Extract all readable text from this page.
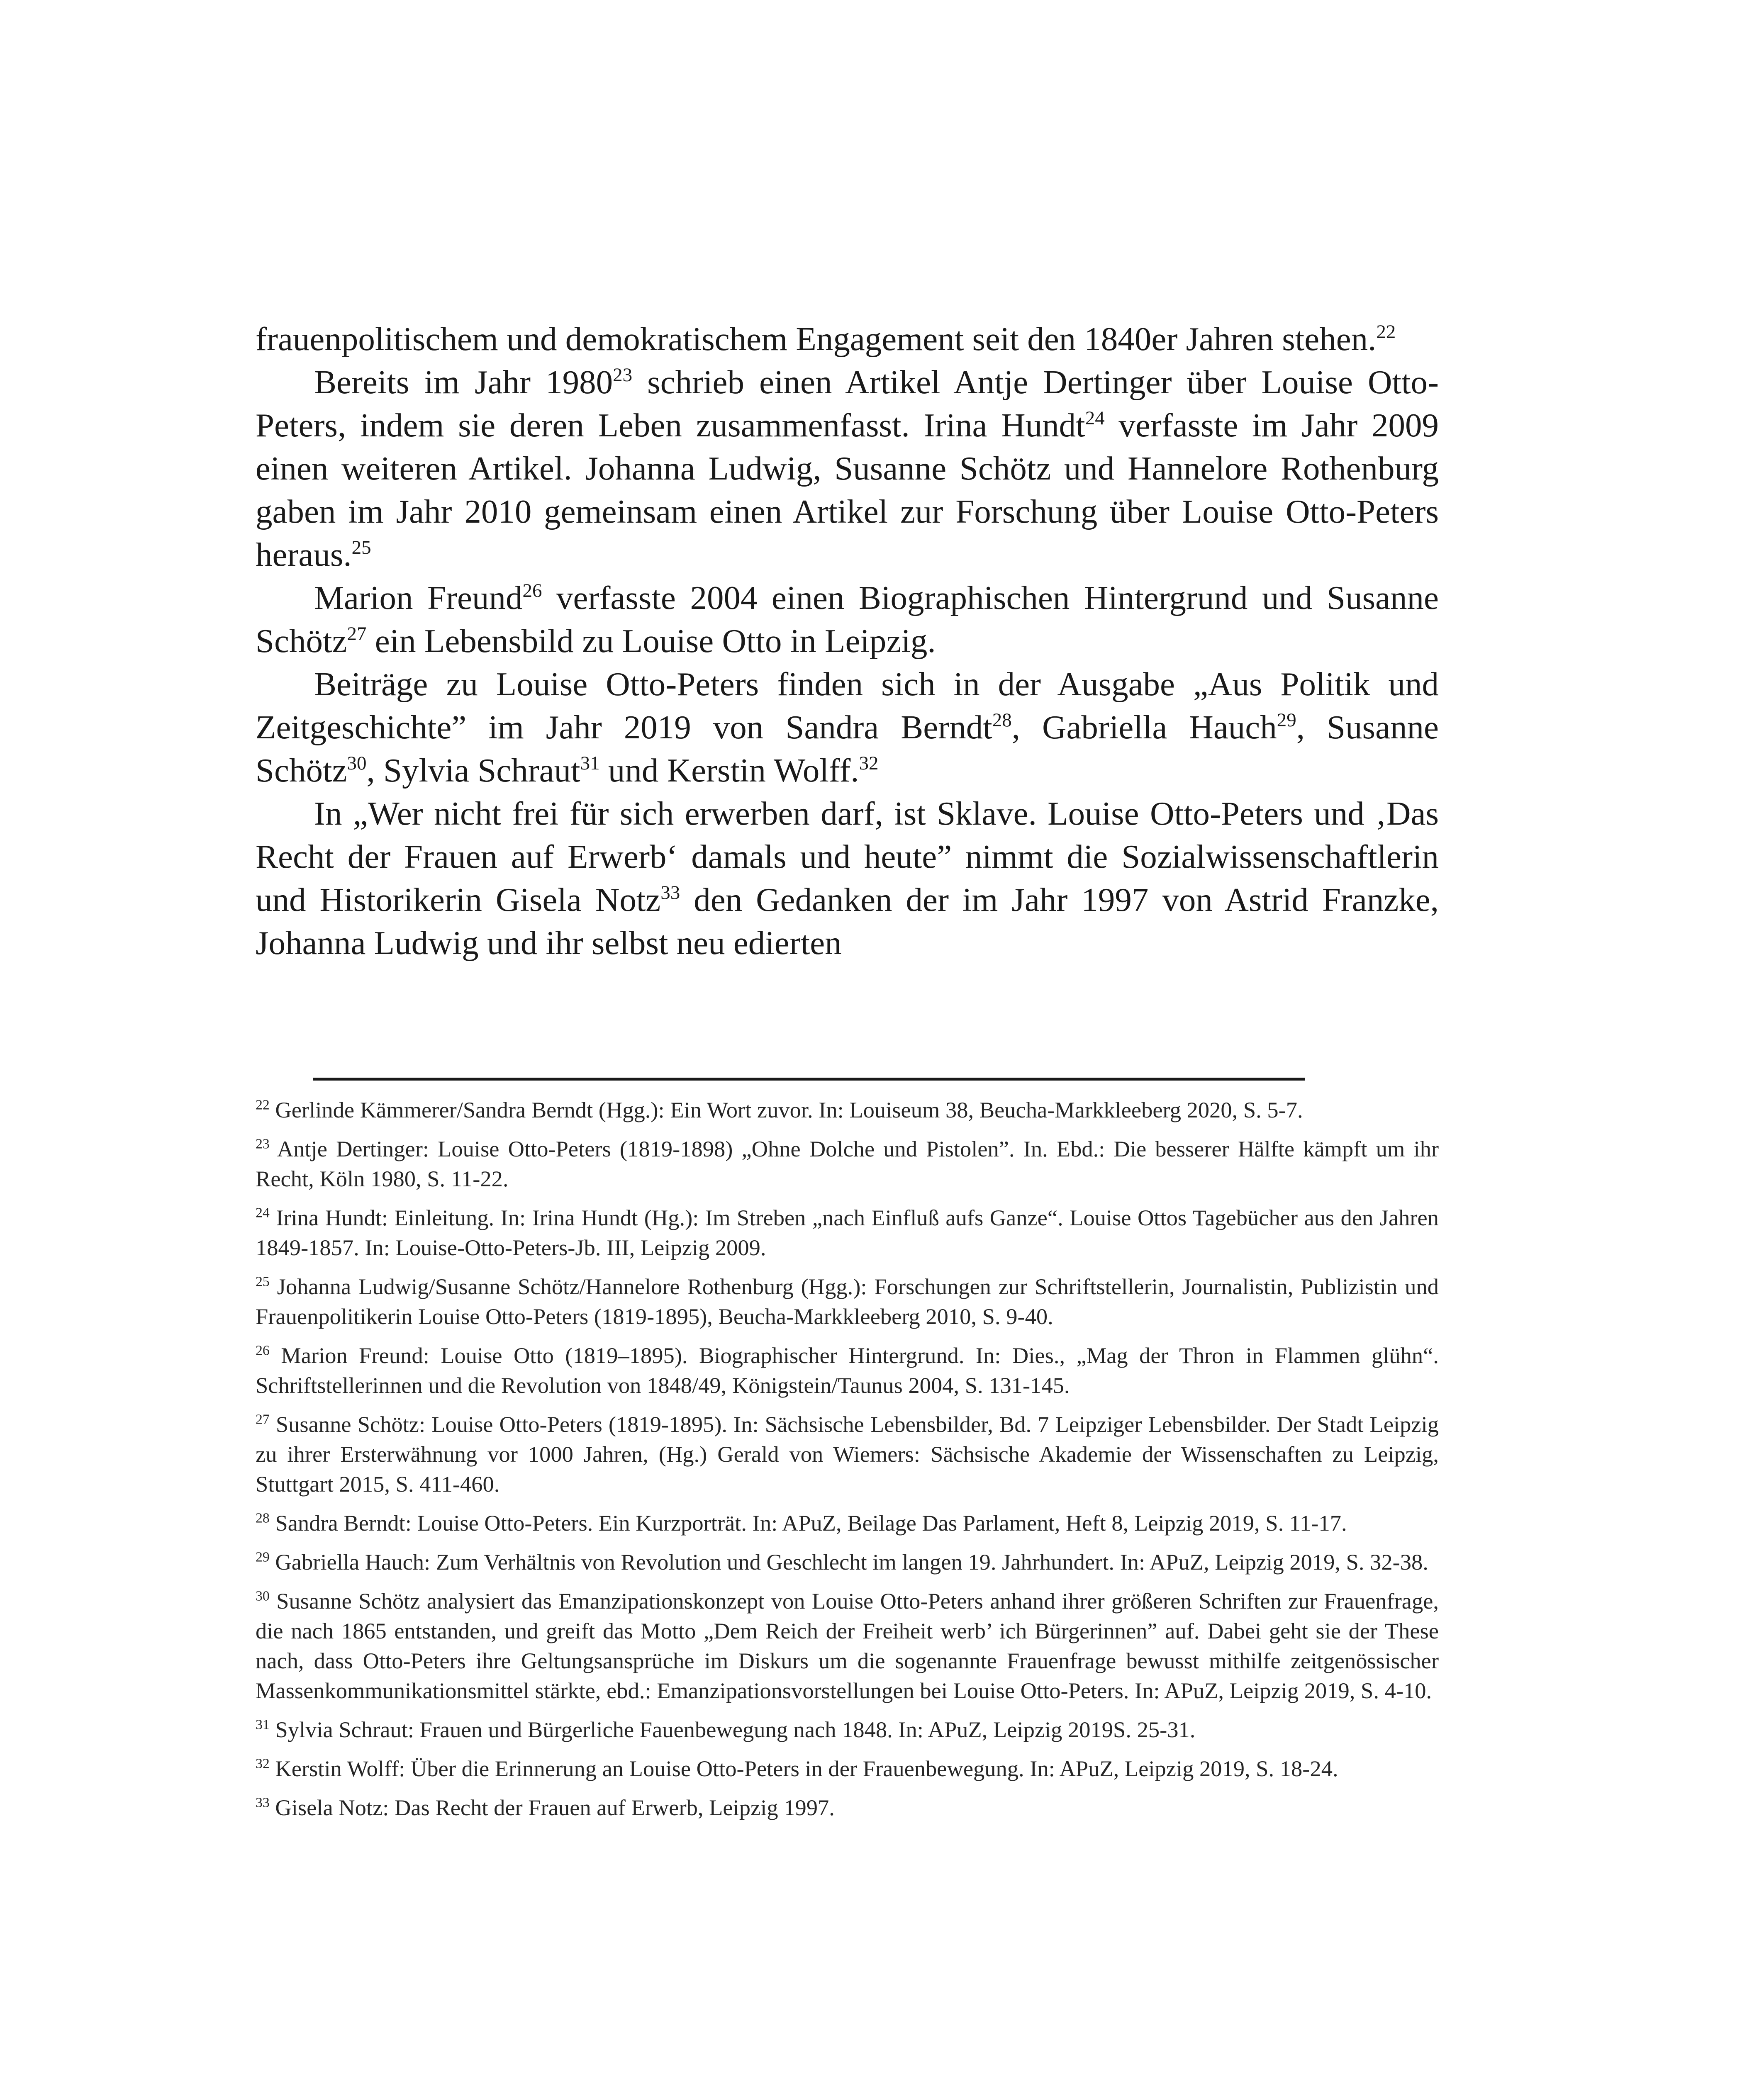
frauenpolitischem und demokratischem Engagement seit den 1840er Jahren stehen.$^{22}$

Bereits im Jahr 1980$^{23}$ schrieb einen Artikel Antje Dertinger über Louise Otto-Peters, indem sie deren Leben zusammenfasst. Irina Hundt$^{24}$ verfasste im Jahr 2009 einen weiteren Artikel. Johanna Ludwig, Susanne Schötz und Hannelore Rothenburg gaben im Jahr 2010 gemeinsam einen Artikel zur Forschung über Louise Otto-Peters heraus.$^{25}$

Marion Freund$^{26}$ verfasste 2004 einen Biographischen Hintergrund und Susanne Schötz$^{27}$ ein Lebensbild zu Louise Otto in Leipzig.

Beiträge zu Louise Otto-Peters finden sich in der Ausgabe „Aus Politik und Zeitgeschichte” im Jahr 2019 von Sandra Berndt$^{28}$, Gabriella Hauch$^{29}$, Susanne Schötz$^{30}$, Sylvia Schraut$^{31}$ und Kerstin Wolff.$^{32}$

In „Wer nicht frei für sich erwerben darf, ist Sklave. Louise Otto-Peters und ‚Das Recht der Frauen auf Erwerb‘ damals und heute” nimmt die Sozialwissenschaftlerin und Historikerin Gisela Notz$^{33}$ den Gedanken der im Jahr 1997 von Astrid Franzke, Johanna Ludwig und ihr selbst neu edierten

$^{22}$ Gerlinde Kämmerer/Sandra Berndt (Hgg.): Ein Wort zuvor. In: Louiseum 38, Beucha-Markkleeberg 2020, S. 5-7.

$^{23}$ Antje Dertinger: Louise Otto-Peters (1819-1898) „Ohne Dolche und Pistolen”. In. Ebd.: Die besserer Hälfte kämpft um ihr Recht, Köln 1980, S. 11-22.

$^{24}$ Irina Hundt: Einleitung. In: Irina Hundt (Hg.): Im Streben „nach Einfluß aufs Ganze“. Louise Ottos Tagebücher aus den Jahren 1849-1857. In: Louise-Otto-Peters-Jb. III, Leipzig 2009.

$^{25}$ Johanna Ludwig/Susanne Schötz/Hannelore Rothenburg (Hgg.): Forschungen zur Schriftstellerin, Journalistin, Publizistin und Frauenpolitikerin Louise Otto-Peters (1819-1895), Beucha-Markkleeberg 2010, S. 9-40.

$^{26}$ Marion Freund: Louise Otto (1819–1895). Biographischer Hintergrund. In: Dies., „Mag der Thron in Flammen glühn“. Schriftstellerinnen und die Revolution von 1848/49, Königstein/Taunus 2004, S. 131-145.

$^{27}$ Susanne Schötz: Louise Otto-Peters (1819-1895). In: Sächsische Lebensbilder, Bd. 7 Leipziger Lebensbilder. Der Stadt Leipzig zu ihrer Ersterwähnung vor 1000 Jahren, (Hg.) Gerald von Wiemers: Sächsische Akademie der Wissenschaften zu Leipzig, Stuttgart 2015, S. 411-460.

$^{28}$ Sandra Berndt: Louise Otto-Peters. Ein Kurzporträt. In: APuZ, Beilage Das Parlament, Heft 8, Leipzig 2019, S. 11-17.

$^{29}$ Gabriella Hauch: Zum Verhältnis von Revolution und Geschlecht im langen 19. Jahrhundert. In: APuZ, Leipzig 2019, S. 32-38.

$^{30}$ Susanne Schötz analysiert das Emanzipationskonzept von Louise Otto-Peters anhand ihrer größeren Schriften zur Frauenfrage, die nach 1865 entstanden, und greift das Motto „Dem Reich der Freiheit werb’ ich Bürgerinnen” auf. Dabei geht sie der These nach, dass Otto-Peters ihre Geltungsansprüche im Diskurs um die sogenannte Frauenfrage bewusst mithilfe zeitgenössischer Massenkommunikationsmittel stärkte, ebd.: Emanzipationsvorstellungen bei Louise Otto-Peters. In: APuZ, Leipzig 2019, S. 4-10.

$^{31}$ Sylvia Schraut: Frauen und Bürgerliche Fauenbewegung nach 1848. In: APuZ, Leipzig 2019S. 25-31.

$^{32}$ Kerstin Wolff: Über die Erinnerung an Louise Otto-Peters in der Frauenbewegung. In: APuZ, Leipzig 2019, S. 18-24.

$^{33}$ Gisela Notz: Das Recht der Frauen auf Erwerb, Leipzig 1997.
